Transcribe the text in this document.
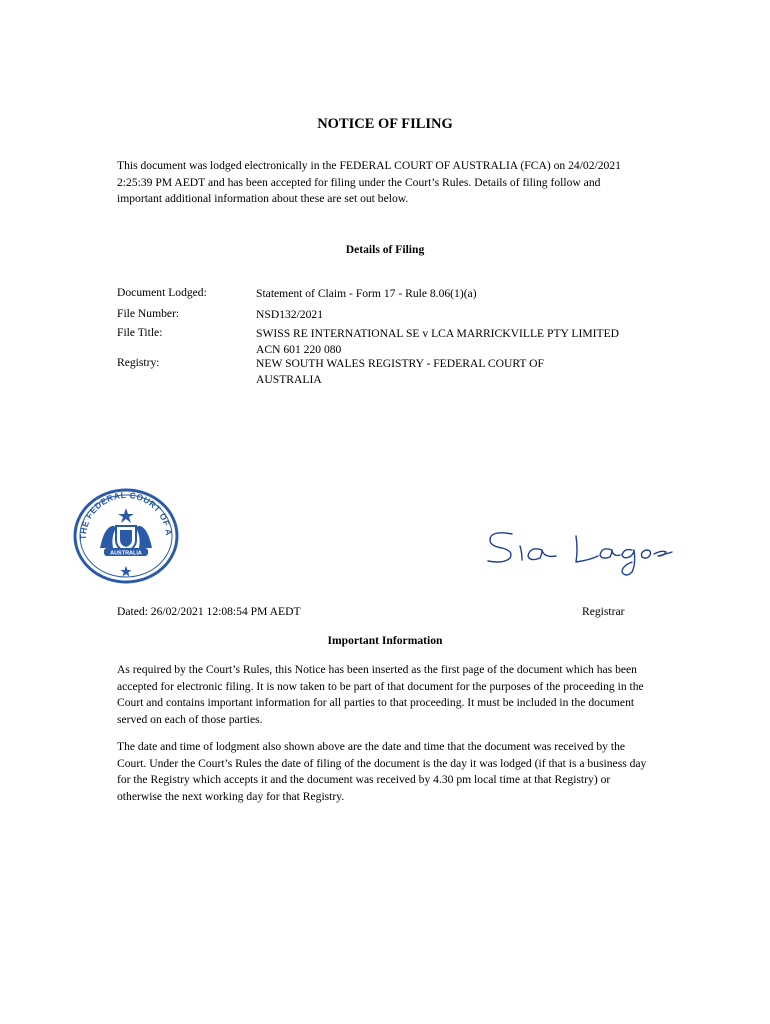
NOTICE OF FILING
This document was lodged electronically in the FEDERAL COURT OF AUSTRALIA (FCA) on 24/02/2021 2:25:39 PM AEDT and has been accepted for filing under the Court’s Rules. Details of filing follow and important additional information about these are set out below.
Details of Filing
Document Lodged:	Statement of Claim - Form 17 - Rule 8.06(1)(a)
File Number:	NSD132/2021
File Title:	SWISS RE INTERNATIONAL SE v LCA MARRICKVILLE PTY LIMITED ACN 601 220 080
Registry:	NEW SOUTH WALES REGISTRY - FEDERAL COURT OF AUSTRALIA
THE FEDERAL COURT OF A
AUSTRALIA
Dated: 26/02/2021 12:08:54 PM AEDT	Registrar
Important Information
As required by the Court’s Rules, this Notice has been inserted as the first page of the document which has been accepted for electronic filing. It is now taken to be part of that document for the purposes of the proceeding in the Court and contains important information for all parties to that proceeding. It must be included in the document served on each of those parties.
The date and time of lodgment also shown above are the date and time that the document was received by the Court. Under the Court’s Rules the date of filing of the document is the day it was lodged (if that is a business day for the Registry which accepts it and the document was received by 4.30 pm local time at that Registry) or otherwise the next working day for that Registry.
